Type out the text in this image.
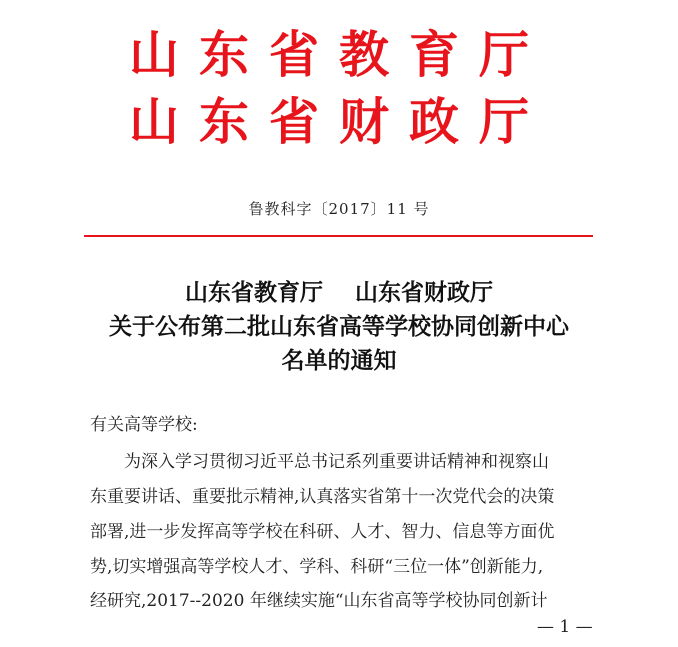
山东省教育厅
山东省财政厅
鲁教科字〔2017〕11 号
山东省教育厅    山东省财政厅
关于公布第二批山东省高等学校协同创新中心
名单的通知
有关高等学校:
为深入学习贯彻习近平总书记系列重要讲话精神和视察山
东重要讲话、重要批示精神,认真落实省第十一次党代会的决策
部署,进一步发挥高等学校在科研、人才、智力、信息等方面优
势,切实增强高等学校人才、学科、科研“三位一体”创新能力,
经研究,2017--2020 年继续实施“山东省高等学校协同创新计
— 1 —
